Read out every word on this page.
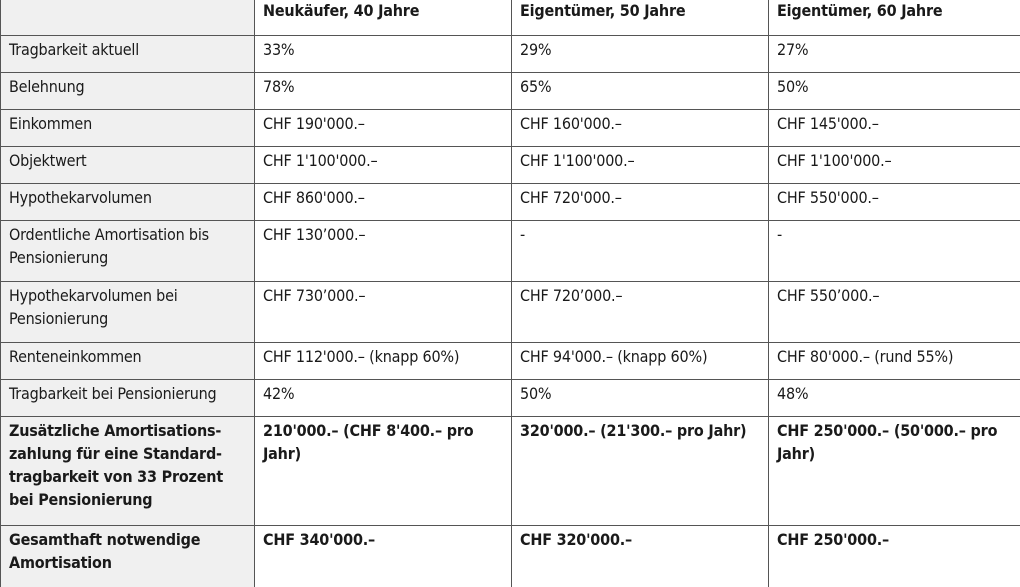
	Neukäufer, 40 Jahre	Eigentümer, 50 Jahre	Eigentümer, 60 Jahre
Tragbarkeit aktuell	33%	29%	27%
Belehnung	78%	65%	50%
Einkommen	CHF 190'000.–	CHF 160'000.–	CHF 145'000.–
Objektwert	CHF 1'100'000.–	CHF 1'100'000.–	CHF 1'100'000.–
Hypothekarvolumen	CHF 860'000.–	CHF 720'000.–	CHF 550'000.–
Ordentliche Amortisation bis Pensionierung	CHF 130’000.–	-	-
Hypothekarvolumen bei Pensionierung	CHF 730’000.–	CHF 720’000.–	CHF 550’000.–
Renteneinkommen	CHF 112'000.– (knapp 60%)	CHF 94'000.– (knapp 60%)	CHF 80'000.– (rund 55%)
Tragbarkeit bei Pensionierung	42%	50%	48%
Zusätzliche Amortisations-zahlung für eine Standard-tragbarkeit von 33 Prozent bei Pensionierung	210'000.– (CHF 8'400.– pro Jahr)	320'000.– (21'300.– pro Jahr)	CHF 250'000.– (50'000.– pro Jahr)
Gesamthaft notwendige Amortisation	CHF 340'000.–	CHF 320'000.–	CHF 250'000.–
